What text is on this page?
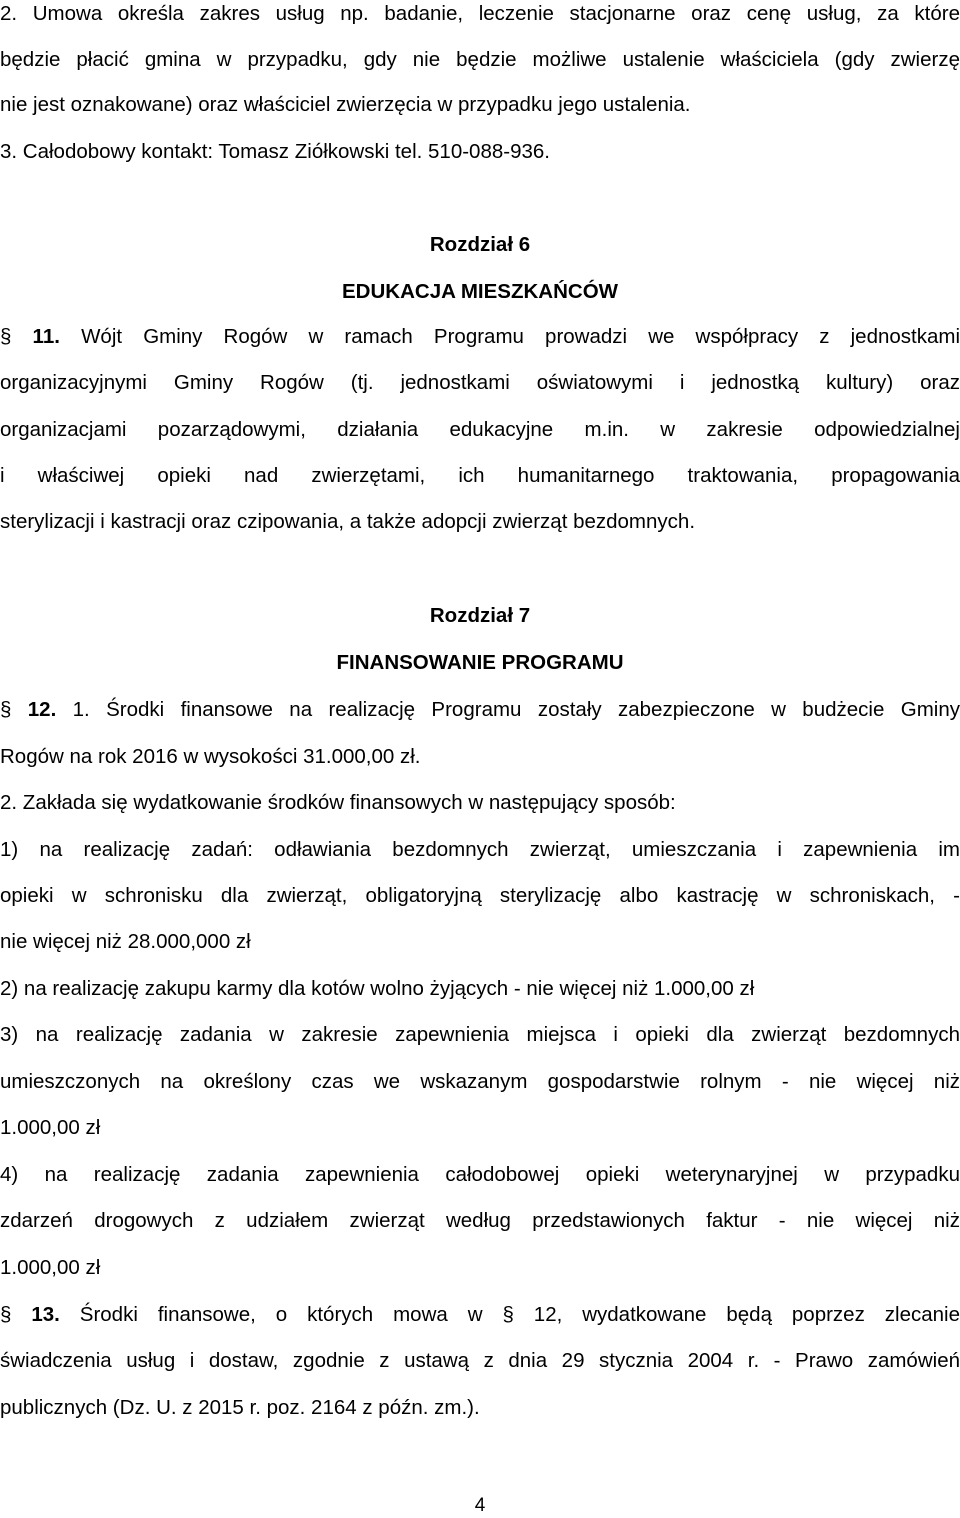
2. Umowa określa zakres usług np. badanie, leczenie stacjonarne oraz cenę usług, za które

będzie płacić gmina w przypadku, gdy nie będzie możliwe ustalenie właściciela (gdy zwierzę

nie jest oznakowane) oraz właściciel zwierzęcia w przypadku jego ustalenia.

3. Całodobowy kontakt: Tomasz Ziółkowski tel. 510-088-936.

Rozdział 6

EDUKACJA MIESZKAŃCÓW

§ 11. Wójt Gminy Rogów w ramach Programu prowadzi we współpracy z jednostkami

organizacyjnymi Gminy Rogów (tj. jednostkami oświatowymi i jednostką kultury) oraz

organizacjami pozarządowymi, działania edukacyjne m.in. w zakresie odpowiedzialnej

i właściwej opieki nad zwierzętami, ich humanitarnego traktowania, propagowania

sterylizacji i kastracji oraz czipowania, a także adopcji zwierząt bezdomnych.

Rozdział 7

FINANSOWANIE PROGRAMU

§ 12. 1. Środki finansowe na realizację Programu zostały zabezpieczone w budżecie Gminy

Rogów na rok 2016 w wysokości 31.000,00 zł.

2. Zakłada się wydatkowanie środków finansowych w następujący sposób:

1) na realizację zadań: odławiania bezdomnych zwierząt, umieszczania i zapewnienia im

opieki w schronisku dla zwierząt, obligatoryjną sterylizację albo kastrację w schroniskach, -

nie więcej niż 28.000,000 zł

2) na realizację zakupu karmy dla kotów wolno żyjących - nie więcej niż 1.000,00 zł

3) na realizację zadania w zakresie zapewnienia miejsca i opieki dla zwierząt bezdomnych

umieszczonych na określony czas we wskazanym gospodarstwie rolnym - nie więcej niż

1.000,00 zł

4) na realizację zadania zapewnienia całodobowej opieki weterynaryjnej w przypadku

zdarzeń drogowych z udziałem zwierząt według przedstawionych faktur - nie więcej niż

1.000,00 zł

§ 13. Środki finansowe, o których mowa w § 12, wydatkowane będą poprzez zlecanie

świadczenia usług i dostaw, zgodnie z ustawą z dnia 29 stycznia 2004 r. - Prawo zamówień

publicznych (Dz. U. z 2015 r. poz. 2164 z późn. zm.).

4
